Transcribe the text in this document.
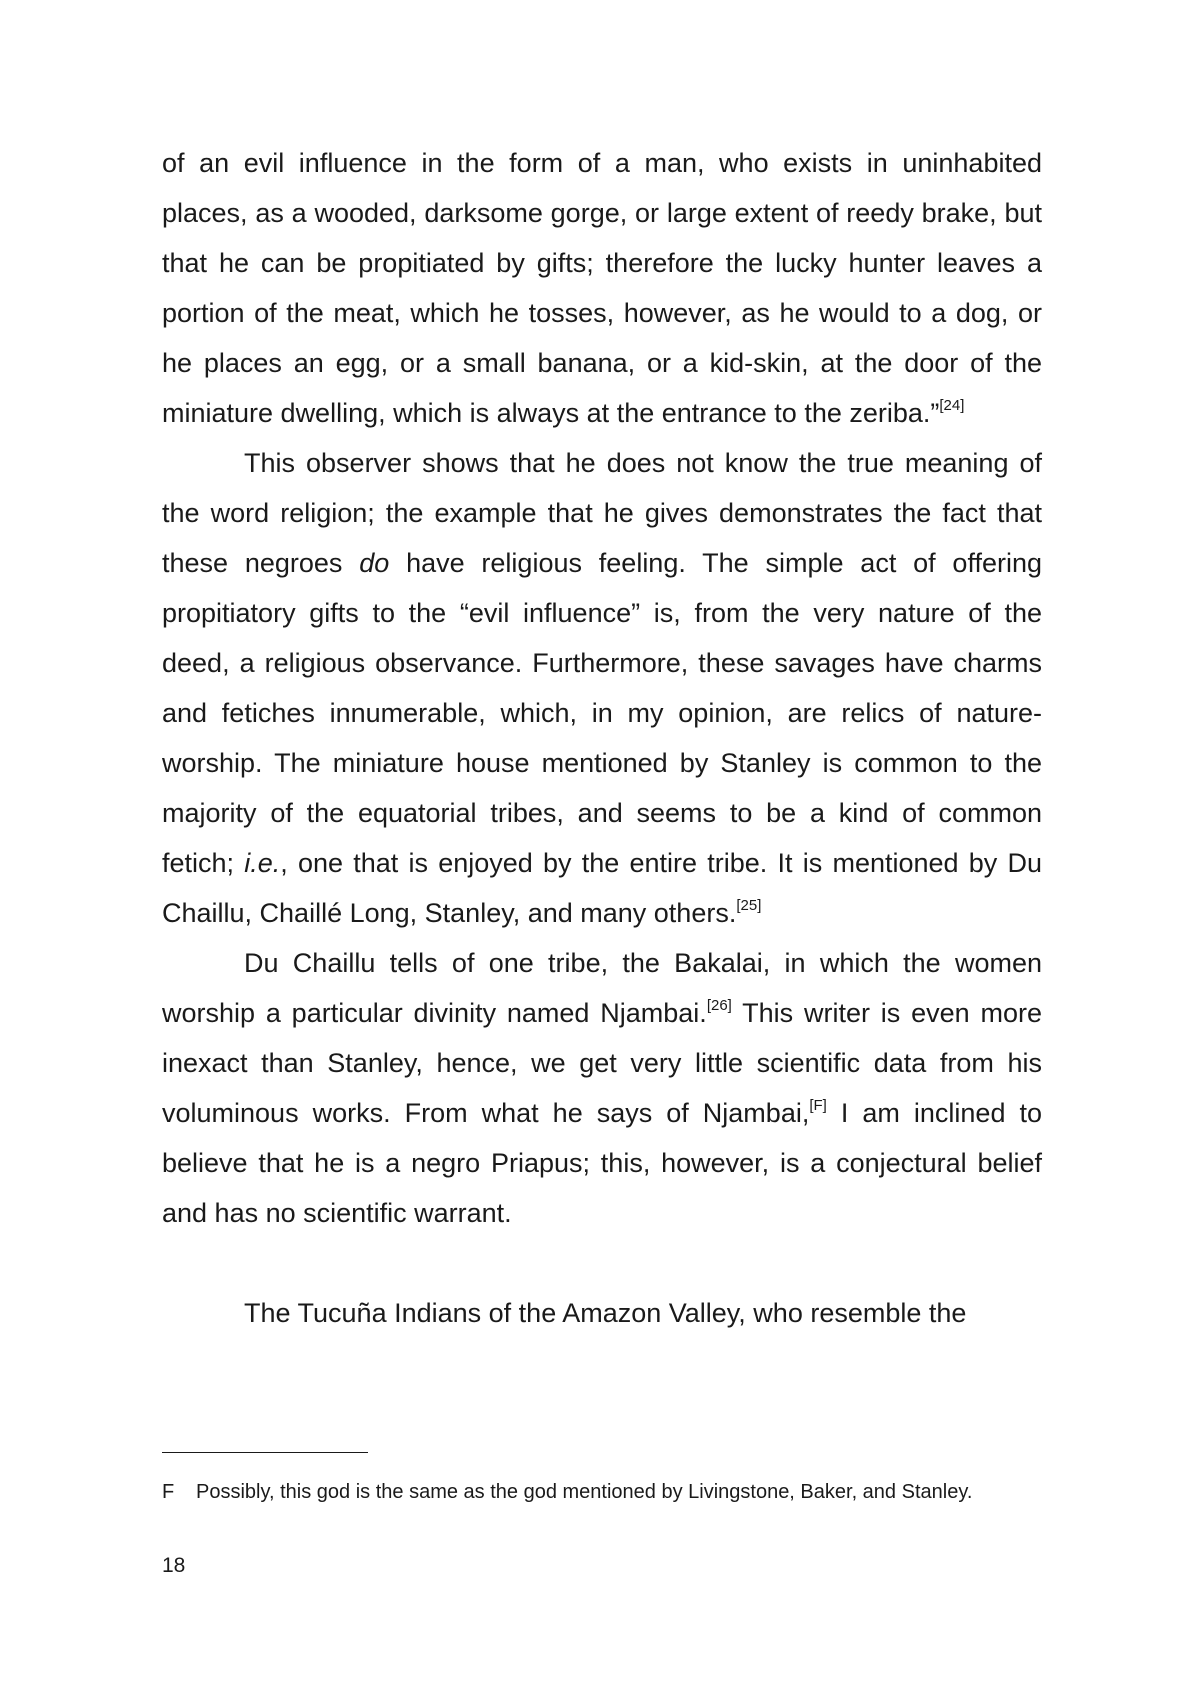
of an evil influence in the form of a man, who exists in uninhabited places, as a wooded, darksome gorge, or large extent of reedy brake, but that he can be propitiated by gifts; therefore the lucky hunter leaves a portion of the meat, which he tosses, however, as he would to a dog, or he places an egg, or a small banana, or a kid-skin, at the door of the miniature dwelling, which is always at the entrance to the zeriba.”[24]

This observer shows that he does not know the true meaning of the word religion; the example that he gives demonstrates the fact that these negroes do have religious feeling. The simple act of offering propitiatory gifts to the “evil influence” is, from the very nature of the deed, a religious observance. Furthermore, these savages have charms and fetiches innumerable, which, in my opinion, are relics of nature-worship. The miniature house mentioned by Stanley is common to the majority of the equatorial tribes, and seems to be a kind of common fetich; i.e., one that is enjoyed by the entire tribe. It is mentioned by Du Chaillu, Chaillé Long, Stanley, and many others.[25]

Du Chaillu tells of one tribe, the Bakalai, in which the women worship a particular divinity named Njambai.[26] This writer is even more inexact than Stanley, hence, we get very little scientific data from his voluminous works. From what he says of Njambai,[F] I am inclined to believe that he is a negro Priapus; this, however, is a conjectural belief and has no scientific warrant.

The Tucuña Indians of the Amazon Valley, who resemble the

F Possibly, this god is the same as the god mentioned by Livingstone, Baker, and Stanley.
18
